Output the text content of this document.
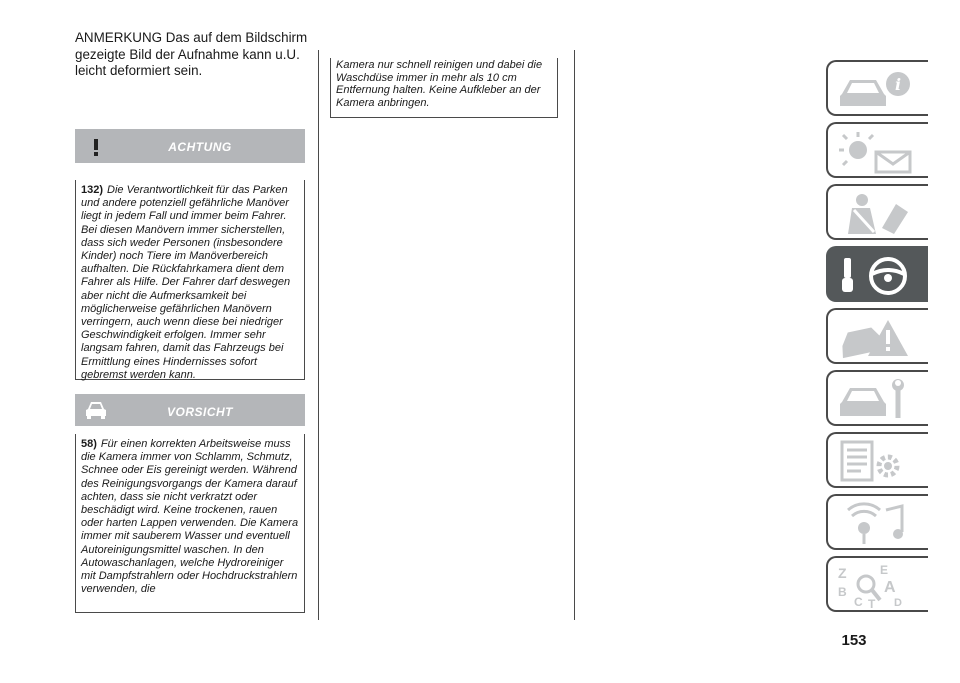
ANMERKUNG Das auf dem Bildschirm gezeigte Bild der Aufnahme kann u.U. leicht deformiert sein.

ACHTUNG
132) Die Verantwortlichkeit für das Parken und andere potenziell gefährliche Manöver liegt in jedem Fall und immer beim Fahrer. Bei diesen Manövern immer sicherstellen, dass sich weder Personen (insbesondere Kinder) noch Tiere im Manöverbereich aufhalten. Die Rückfahrkamera dient dem Fahrer als Hilfe. Der Fahrer darf deswegen aber nicht die Aufmerksamkeit bei möglicherweise gefährlichen Manövern verringern, auch wenn diese bei niedriger Geschwindigkeit erfolgen. Immer sehr langsam fahren, damit das Fahrzeugs bei Ermittlung eines Hindernisses sofort gebremst werden kann.
VORSICHT
58) Für einen korrekten Arbeitsweise muss die Kamera immer von Schlamm, Schmutz, Schnee oder Eis gereinigt werden. Während des Reinigungsvorgangs der Kamera darauf achten, dass sie nicht verkratzt oder beschädigt wird. Keine trockenen, rauen oder harten Lappen verwenden. Die Kamera immer mit sauberem Wasser und eventuell Autoreinigungsmittel waschen. In den Autowaschanlagen, welche Hydroreiniger mit Dampfstrahlern oder Hochdruckstrahlern verwenden, die
Kamera nur schnell reinigen und dabei die Waschdüse immer in mehr als 10 cm Entfernung halten. Keine Aufkleber an der Kamera anbringen.
i
Z	E
B A
C	D
T
153
